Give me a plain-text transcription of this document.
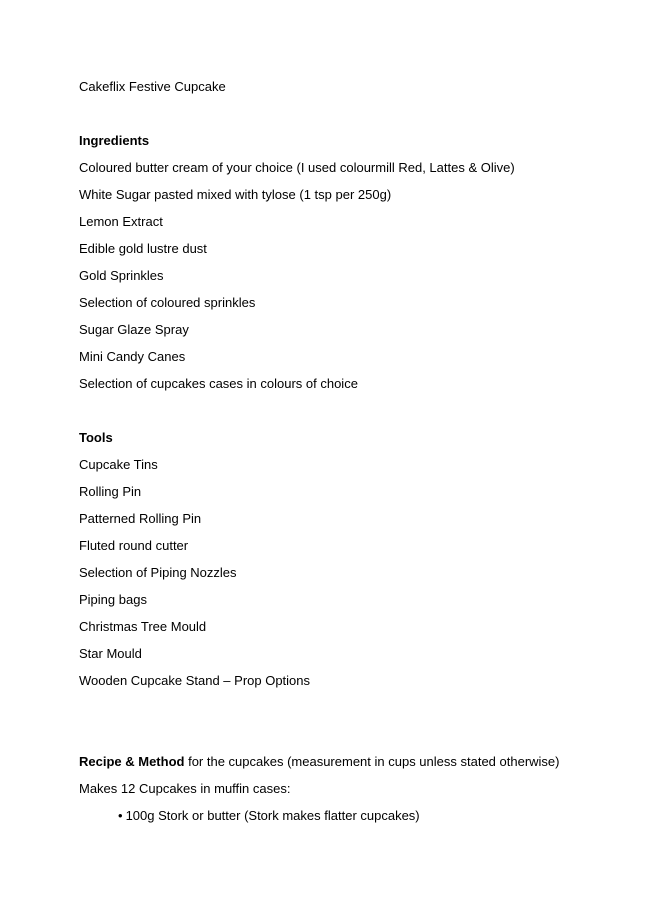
Cakeflix Festive Cupcake
Ingredients
Coloured butter cream of your choice (I used colourmill Red, Lattes & Olive)
White Sugar pasted mixed with tylose (1 tsp per 250g)
Lemon Extract
Edible gold lustre dust
Gold Sprinkles
Selection of coloured sprinkles
Sugar Glaze Spray
Mini Candy Canes
Selection of cupcakes cases in colours of choice
Tools
Cupcake Tins
Rolling Pin
Patterned Rolling Pin
Fluted round cutter
Selection of Piping Nozzles
Piping bags
Christmas Tree Mould
Star Mould
Wooden Cupcake Stand – Prop Options
Recipe & Method for the cupcakes (measurement in cups unless stated otherwise)
Makes 12 Cupcakes in muffin cases:
• 100g Stork or butter (Stork makes flatter cupcakes)
